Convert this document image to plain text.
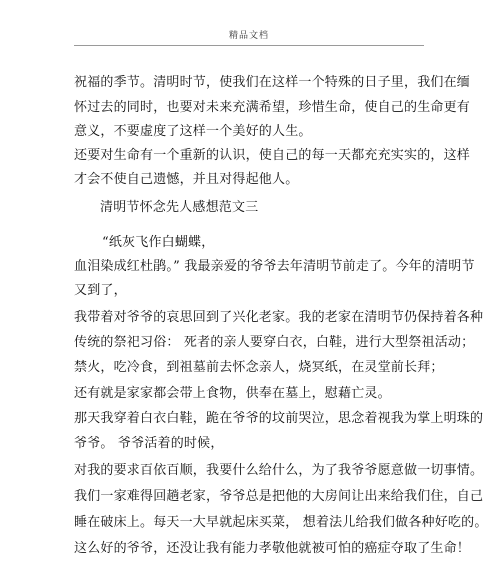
精品文档
祝福的季节。清明时节，使我们在这样一个特殊的日子里，我们在缅
怀过去的同时，也要对未来充满希望，珍惜生命，使自己的生命更有
意义，不要虚度了这样一个美好的人生。
还要对生命有一个重新的认识，使自己的每一天都充充实实的，这样
才会不使自己遗憾，并且对得起他人。
清明节怀念先人感想范文三
“纸灰飞作白蝴蝶，
血泪染成红杜鹃。” 我最亲爱的爷爷去年清明节前走了。今年的清明节
又到了，
我带着对爷爷的哀思回到了兴化老家。我的老家在清明节仍保持着各种
传统的祭祀习俗： 死者的亲人要穿白衣，白鞋，进行大型祭祖活动；
禁火，吃冷食，到祖墓前去怀念亲人，烧冥纸，在灵堂前长拜；
还有就是家家都会带上食物，供奉在墓上，慰藉亡灵。
那天我穿着白衣白鞋，跪在爷爷的坟前哭泣，思念着视我为掌上明珠的
爷爷。 爷爷活着的时候，
对我的要求百依百顺，我要什么给什么，为了我爷爷愿意做一切事情。
我们一家难得回趟老家，爷爷总是把他的大房间让出来给我们住，自己
睡在破床上。每天一大早就起床买菜， 想着法儿给我们做各种好吃的。
这么好的爷爷，还没让我有能力孝敬他就被可怕的癌症夺取了生命！
